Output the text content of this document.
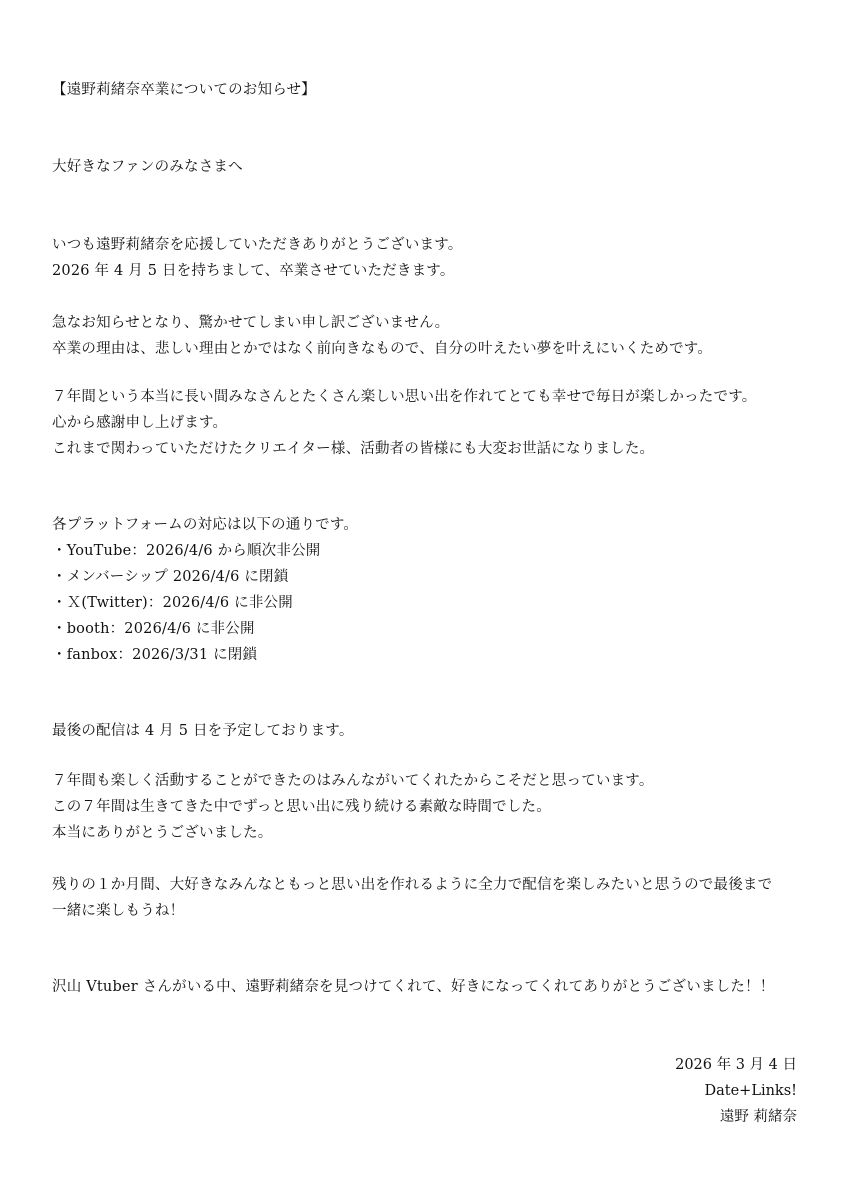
【遠野莉緒奈卒業についてのお知らせ】
大好きなファンのみなさまへ
いつも遠野莉緒奈を応援していただきありがとうございます。
2026 年 4 月 5 日を持ちまして、卒業させていただきます。
急なお知らせとなり、驚かせてしまい申し訳ございません。
卒業の理由は、悲しい理由とかではなく前向きなもので、自分の叶えたい夢を叶えにいくためです。
７年間という本当に長い間みなさんとたくさん楽しい思い出を作れてとても幸せで毎日が楽しかったです。
心から感謝申し上げます。
これまで関わっていただけたクリエイター様、活動者の皆様にも大変お世話になりました。
各プラットフォームの対応は以下の通りです。
・YouTube：2026/4/6 から順次非公開
・メンバーシップ 2026/4/6 に閉鎖
・Ｘ(Twitter)：2026/4/6 に非公開
・booth：2026/4/6 に非公開
・fanbox：2026/3/31 に閉鎖
最後の配信は 4 月 5 日を予定しております。
７年間も楽しく活動することができたのはみんながいてくれたからこそだと思っています。
この７年間は生きてきた中でずっと思い出に残り続ける素敵な時間でした。
本当にありがとうございました。
残りの１か月間、大好きなみんなともっと思い出を作れるように全力で配信を楽しみたいと思うので最後まで
一緒に楽しもうね！
沢山 Vtuber さんがいる中、遠野莉緒奈を見つけてくれて、好きになってくれてありがとうございました！！
2026 年 3 月 4 日
Date+Links!
遠野 莉緒奈
